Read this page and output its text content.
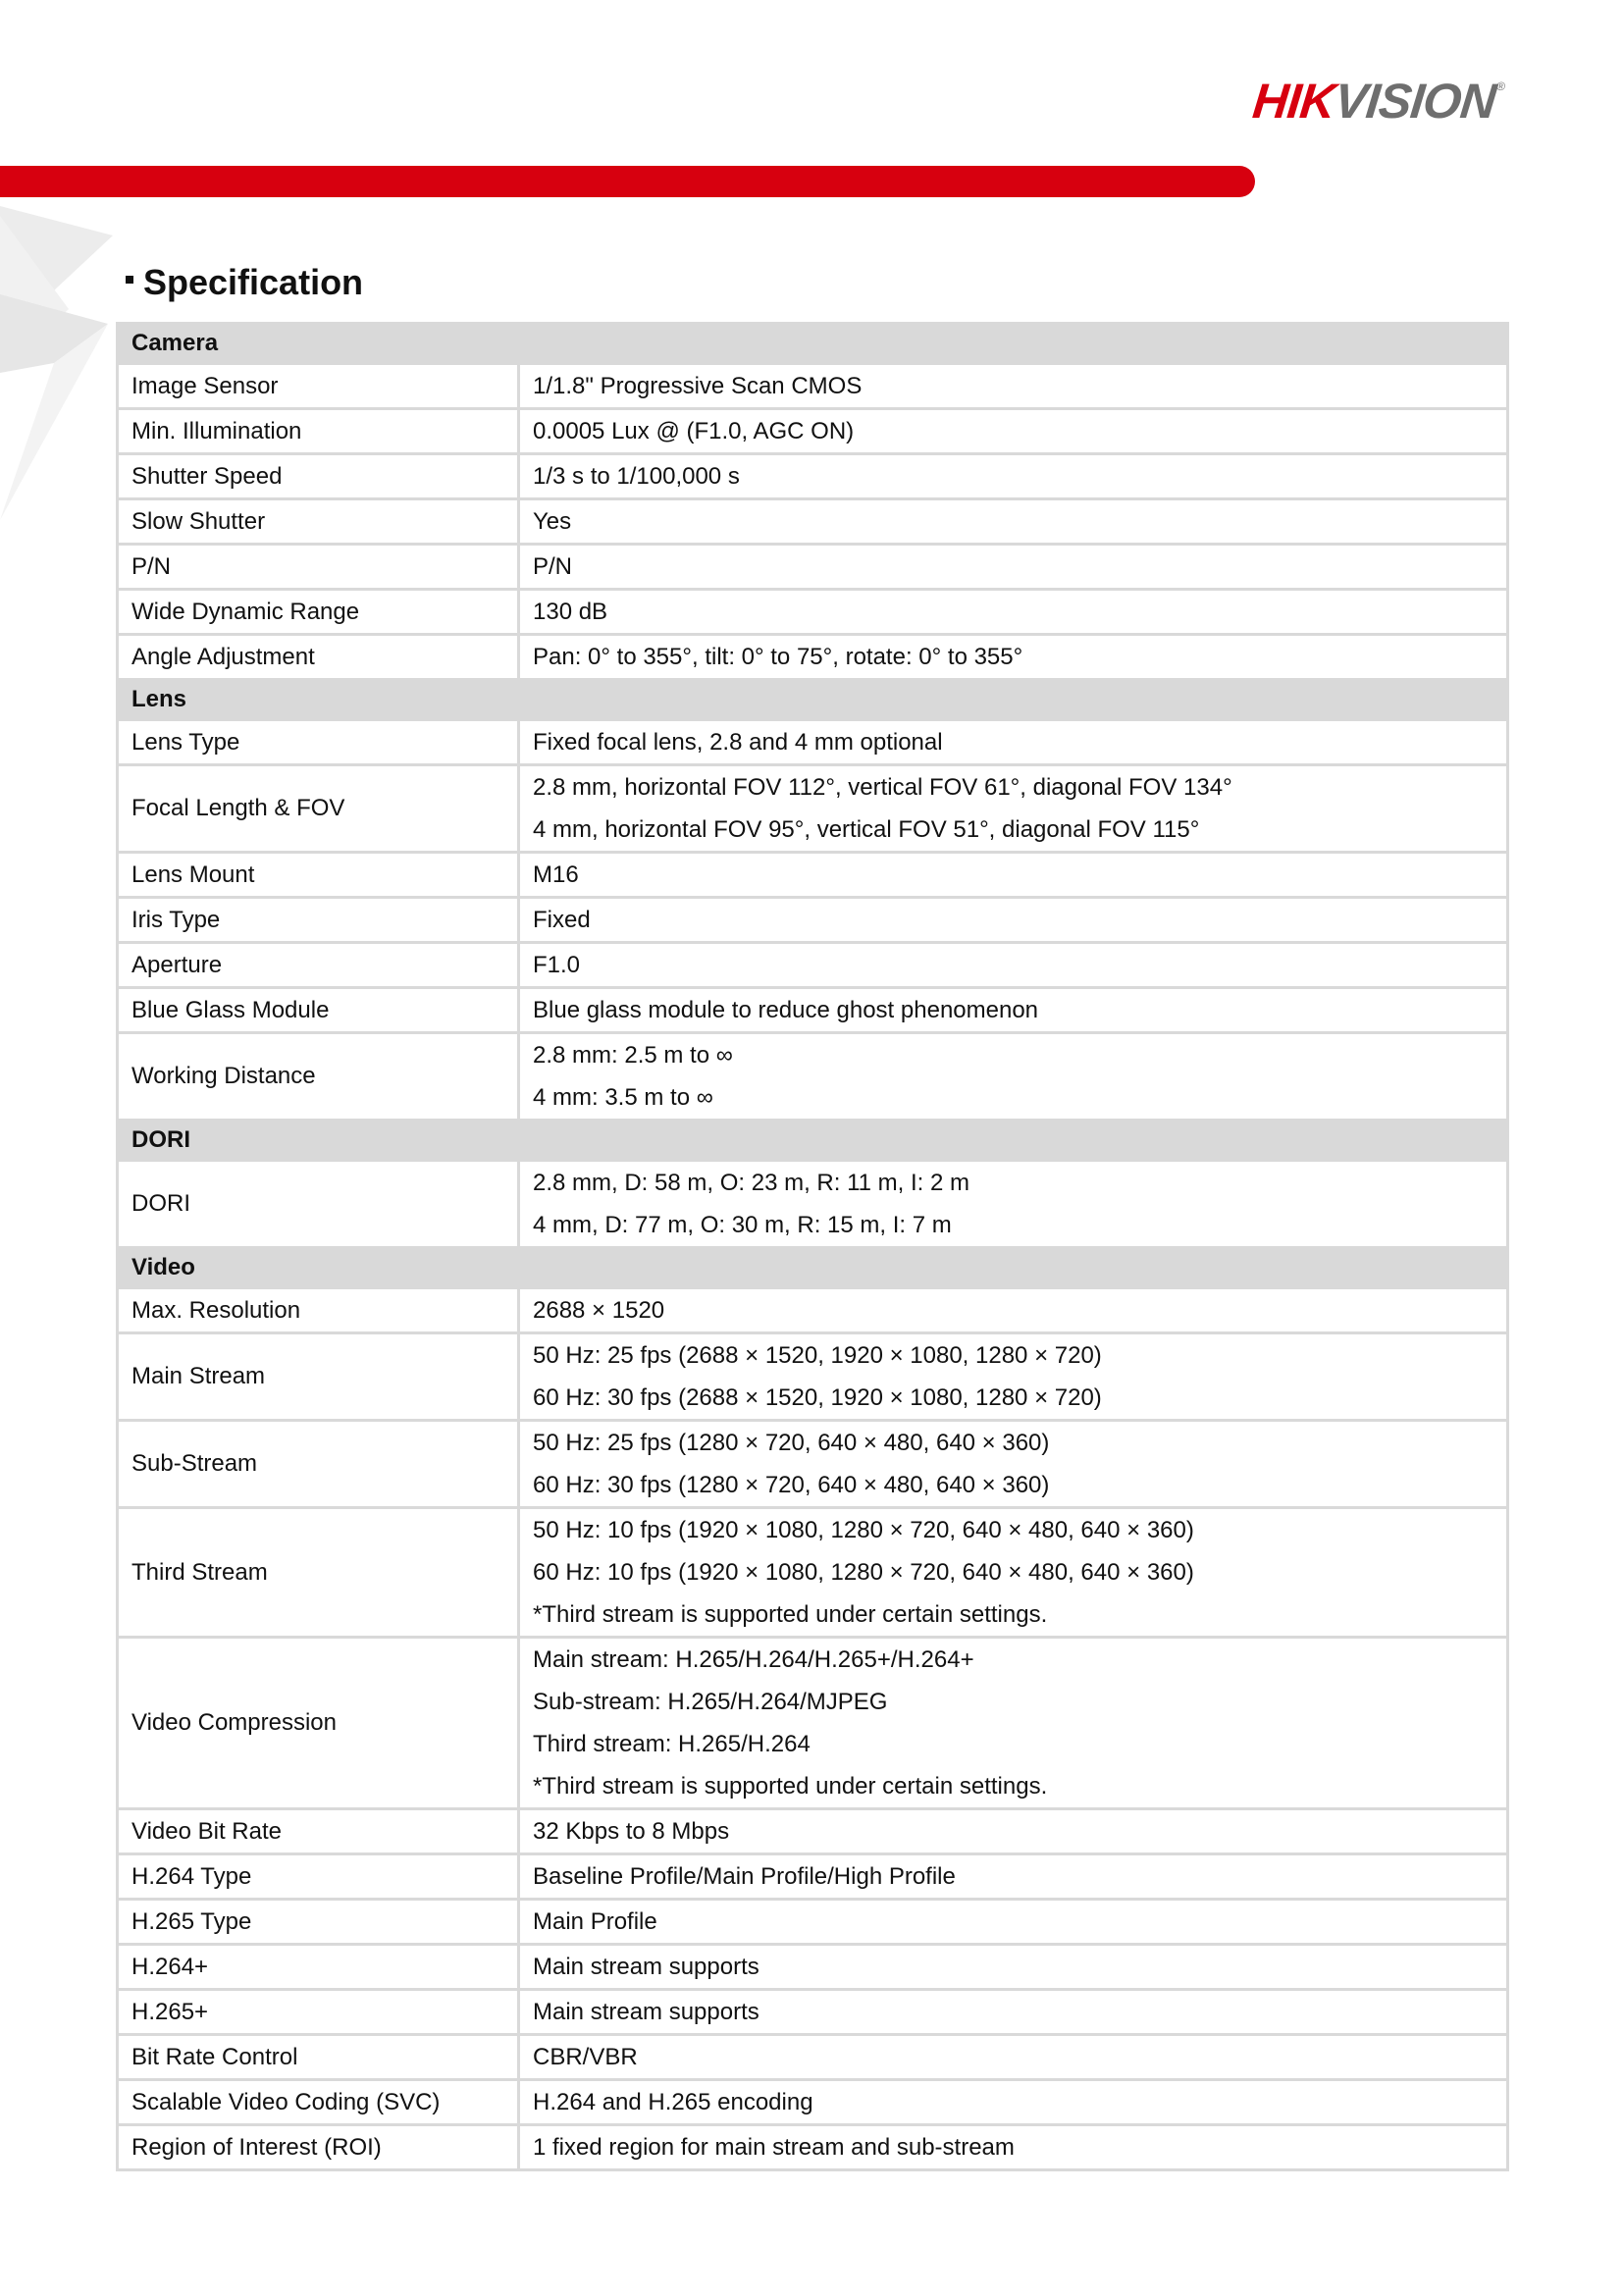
HIKVISION®
Specification
Camera	
Image Sensor	1/1.8" Progressive Scan CMOS

Min. Illumination	0.0005 Lux @ (F1.0, AGC ON)

Shutter Speed	1/3 s to 1/100,000 s

Slow Shutter	Yes

P/N	P/N

Wide Dynamic Range	130 dB

Angle Adjustment	Pan: 0° to 355°, tilt: 0° to 75°, rotate: 0° to 355°

Lens	
Lens Type	Fixed focal lens, 2.8 and 4 mm optional

Focal Length & FOV	2.8 mm, horizontal FOV 112°, vertical FOV 61°, diagonal FOV 134°
4 mm, horizontal FOV 95°, vertical FOV 51°, diagonal FOV 115°

Lens Mount	M16

Iris Type	Fixed

Aperture	F1.0

Blue Glass Module	Blue glass module to reduce ghost phenomenon

Working Distance	2.8 mm: 2.5 m to ∞
4 mm: 3.5 m to ∞

DORI	
DORI	2.8 mm, D: 58 m, O: 23 m, R: 11 m, I: 2 m
4 mm, D: 77 m, O: 30 m, R: 15 m, I: 7 m

Video	
Max. Resolution	2688 × 1520

Main Stream	50 Hz: 25 fps (2688 × 1520, 1920 × 1080, 1280 × 720)
60 Hz: 30 fps (2688 × 1520, 1920 × 1080, 1280 × 720)

Sub-Stream	50 Hz: 25 fps (1280 × 720, 640 × 480, 640 × 360)
60 Hz: 30 fps (1280 × 720, 640 × 480, 640 × 360)

Third Stream	50 Hz: 10 fps (1920 × 1080, 1280 × 720, 640 × 480, 640 × 360)
60 Hz: 10 fps (1920 × 1080, 1280 × 720, 640 × 480, 640 × 360)
*Third stream is supported under certain settings.

Video Compression	Main stream: H.265/H.264/H.265+/H.264+
Sub-stream: H.265/H.264/MJPEG
Third stream: H.265/H.264
*Third stream is supported under certain settings.

Video Bit Rate	32 Kbps to 8 Mbps

H.264 Type	Baseline Profile/Main Profile/High Profile

H.265 Type	Main Profile

H.264+	Main stream supports

H.265+	Main stream supports

Bit Rate Control	CBR/VBR

Scalable Video Coding (SVC)	H.264 and H.265 encoding

Region of Interest (ROI)	1 fixed region for main stream and sub-stream
